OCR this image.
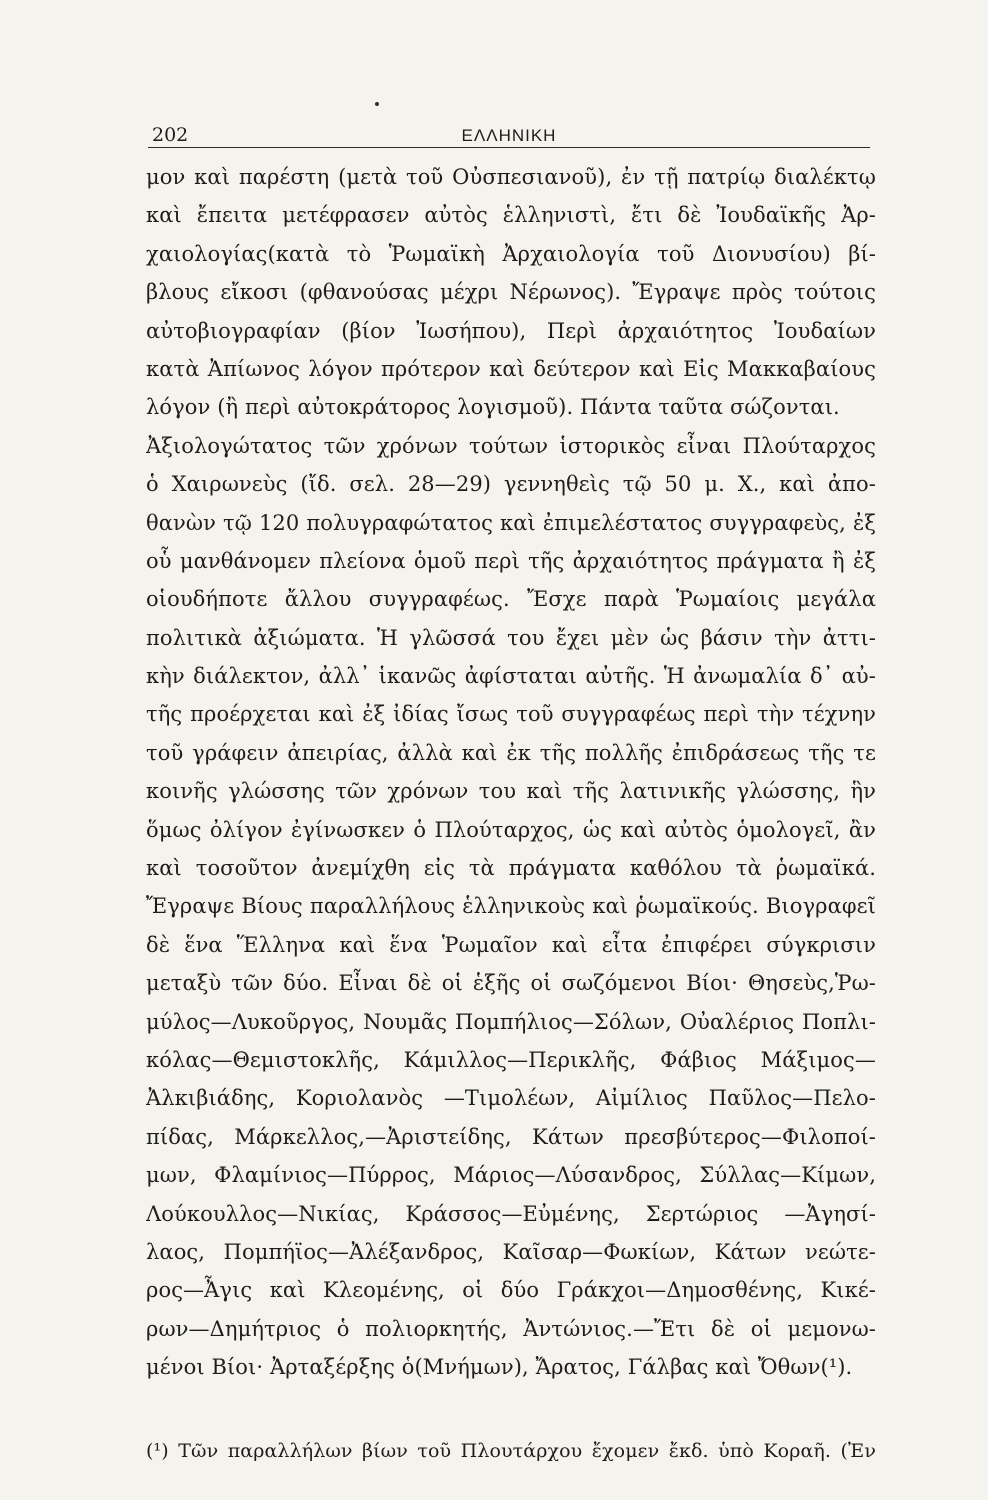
202	ΕΛΛΗΝΙΚΗ
μον καὶ παρέστη (μετὰ τοῦ Οὐσπεσιανοῦ), ἐν τῇ πατρίῳ διαλέκτῳ
καὶ ἔπειτα μετέφρασεν αὐτὸς ἑλληνιστὶ, ἔτι δὲ Ἰουδαϊκῆς Ἀρ-
χαιολογίας(κατὰ τὸ Ῥωμαϊκὴ Ἀρχαιολογία τοῦ Διονυσίου) βί-
βλους εἴκοσι (φθανούσας μέχρι Νέρωνος). Ἔγραψε πρὸς τούτοις
αὐτοβιογραφίαν (βίον Ἰωσήπου), Περὶ ἀρχαιότητος Ἰουδαίων
κατὰ Ἀπίωνος λόγον πρότερον καὶ δεύτερον καὶ Εἰς Μακκαβαίους
λόγον (ἢ περὶ αὐτοκράτορος λογισμοῦ). Πάντα ταῦτα σώζονται.
Ἀξιολογώτατος τῶν χρόνων τούτων ἱστορικὸς εἶναι Πλούταρχος
ὁ Χαιρωνεὺς (ἴδ. σελ. 28—29) γεννηθεὶς τῷ 50 μ. Χ., καὶ ἀπο-
θανὼν τῷ 120 πολυγραφώτατος καὶ ἐπιμελέστατος συγγραφεὺς, ἐξ
οὗ μανθάνομεν πλείονα ὁμοῦ περὶ τῆς ἀρχαιότητος πράγματα ἢ ἐξ
οἱουδήποτε ἄλλου συγγραφέως. Ἔσχε παρὰ Ῥωμαίοις μεγάλα
πολιτικὰ ἀξιώματα. Ἡ γλῶσσά του ἔχει μὲν ὡς βάσιν τὴν ἀττι-
κὴν διάλεκτον, ἀλλ᾽ ἱκανῶς ἀφίσταται αὐτῆς. Ἡ ἀνωμαλία δ᾽ αὐ-
τῆς προέρχεται καὶ ἐξ ἰδίας ἴσως τοῦ συγγραφέως περὶ τὴν τέχνην
τοῦ γράφειν ἀπειρίας, ἀλλὰ καὶ ἐκ τῆς πολλῆς ἐπιδράσεως τῆς τε
κοινῆς γλώσσης τῶν χρόνων του καὶ τῆς λατινικῆς γλώσσης, ἣν
ὅμως ὀλίγον ἐγίνωσκεν ὁ Πλούταρχος, ὡς καὶ αὐτὸς ὁμολογεῖ, ἂν
καὶ τοσοῦτον ἀνεμίχθη εἰς τὰ πράγματα καθόλου τὰ ῥωμαϊκά.
Ἔγραψε Βίους παραλλήλους ἑλληνικοὺς καὶ ῥωμαϊκούς. Βιογραφεῖ
δὲ ἕνα Ἕλληνα καὶ ἕνα Ῥωμαῖον καὶ εἶτα ἐπιφέρει σύγκρισιν
μεταξὺ τῶν δύο. Εἶναι δὲ οἱ ἑξῆς οἱ σωζόμενοι Βίοι· Θησεὺς,Ῥω-
μύλος—Λυκοῦργος, Νουμᾶς Πομπήλιος—Σόλων, Οὐαλέριος Ποπλι-
κόλας—Θεμιστοκλῆς, Κάμιλλος—Περικλῆς, Φάβιος Μάξιμος—
Ἀλκιβιάδης, Κοριολανὸς —Τιμολέων, Αἰμίλιος Παῦλος—Πελο-
πίδας, Μάρκελλος,—Ἀριστείδης, Κάτων πρεσβύτερος—Φιλοποί-
μων, Φλαμίνιος—Πύρρος, Μάριος—Λύσανδρος, Σύλλας—Κίμων,
Λούκουλλος—Νικίας, Κράσσος—Εὐμένης, Σερτώριος —Ἀγησί-
λαος, Πομπήϊος—Ἀλέξανδρος, Καῖσαρ—Φωκίων, Κάτων νεώτε-
ρος—Ἆγις καὶ Κλεομένης, οἱ δύο Γράκχοι—Δημοσθένης, Κικέ-
ρων—Δημήτριος ὁ πολιορκητής, Ἀντώνιος.—Ἔτι δὲ οἱ μεμονω-
μένοι Βίοι· Ἀρταξέρξης ὁ(Μνήμων), Ἄρατος, Γάλβας καὶ Ὄθων(¹).
(¹) Τῶν παραλλήλων βίων τοῦ Πλουτάρχου ἔχομεν ἔκδ. ὑπὸ Κοραῆ. (Ἐν
